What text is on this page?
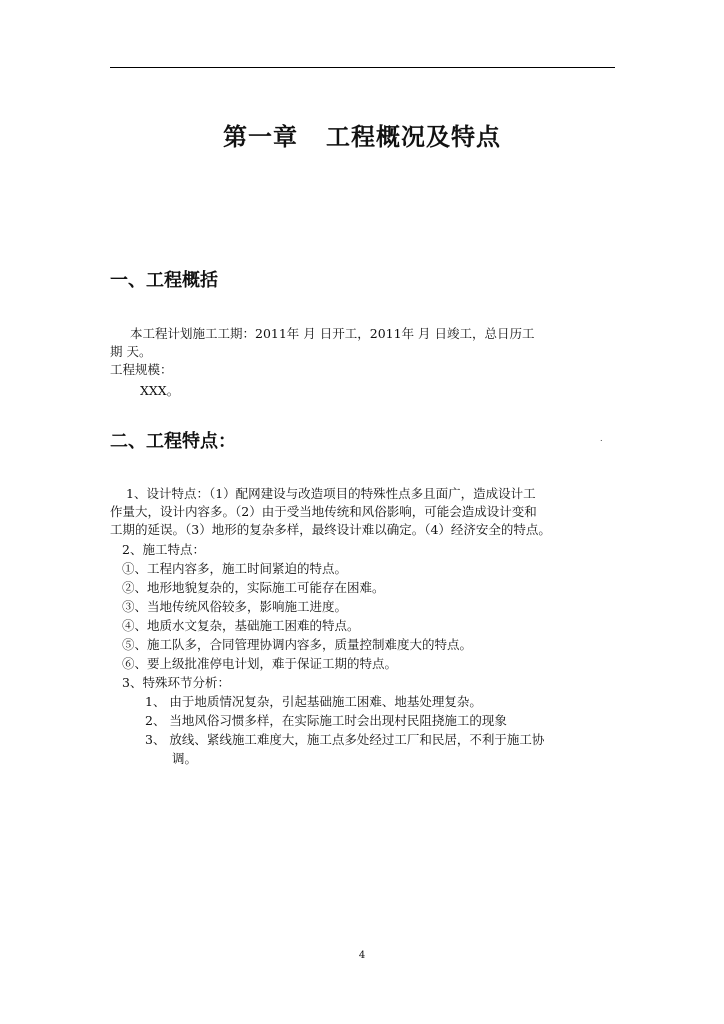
第一章   工程概况及特点
一、工程概括
本工程计划施工工期：2011年 月 日开工，2011年 月 日竣工，总日历工
期 天。
工程规模：
XXX。
二、工程特点：	.
1、设计特点：（1）配网建设与改造项目的特殊性点多且面广，造成设计工
作量大，设计内容多。（2）由于受当地传统和风俗影响，可能会造成设计变和
工期的延误。（3）地形的复杂多样，最终设计难以确定。（4）经济安全的特点。
2、施工特点：
①、工程内容多，施工时间紧迫的特点。
②、地形地貌复杂的，实际施工可能存在困难。
③、当地传统风俗较多，影响施工进度。
④、地质水文复杂，基础施工困难的特点。
⑤、施工队多，合同管理协调内容多，质量控制难度大的特点。
⑥、要上级批准停电计划，难于保证工期的特点。
3、特殊环节分析：
1、 由于地质情况复杂，引起基础施工困难、地基处理复杂。
2、 当地风俗习惯多样，在实际施工时会出现村民阻挠施工的现象
3、 放线、紧线施工难度大，施工点多处经过工厂和民居，不利于施工协
调。
4
